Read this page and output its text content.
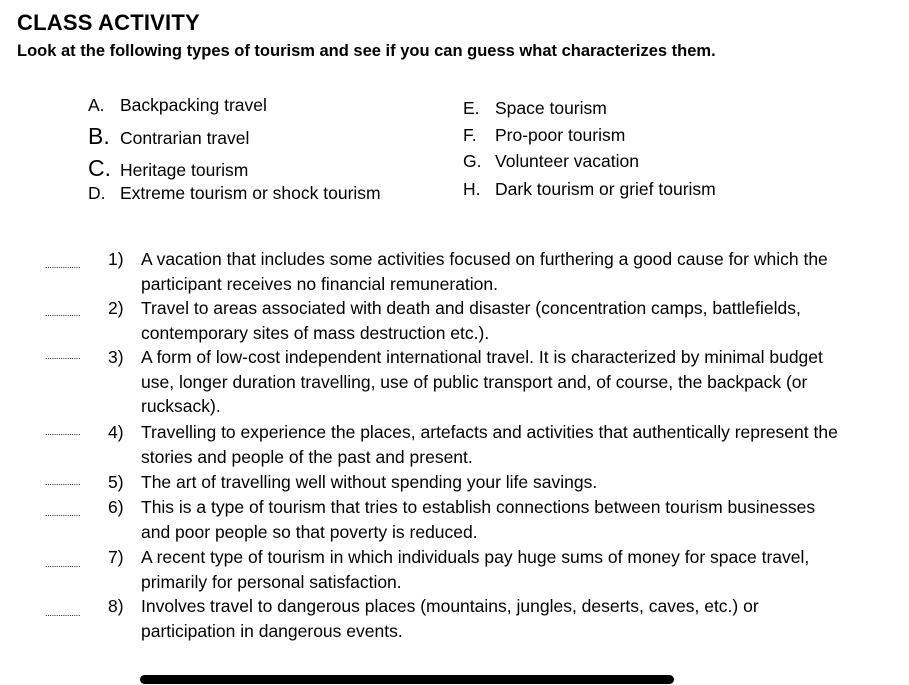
CLASS ACTIVITY
Look at the following types of tourism and see if you can guess what characterizes them.
A. Backpacking travel
B. Contrarian travel
C. Heritage tourism
D. Extreme tourism or shock tourism
E. Space tourism
F. Pro-poor tourism
G. Volunteer vacation
H. Dark tourism or grief tourism
................ 1) A vacation that includes some activities focused on furthering a good cause for which the participant receives no financial remuneration.
................ 2) Travel to areas associated with death and disaster (concentration camps, battlefields, contemporary sites of mass destruction etc.).
................ 3) A form of low-cost independent international travel. It is characterized by minimal budget use, longer duration travelling, use of public transport and, of course, the backpack (or rucksack).
................ 4) Travelling to experience the places, artefacts and activities that authentically represent the stories and people of the past and present.
................ 5) The art of travelling well without spending your life savings.
................ 6) This is a type of tourism that tries to establish connections between tourism businesses and poor people so that poverty is reduced.
................ 7) A recent type of tourism in which individuals pay huge sums of money for space travel, primarily for personal satisfaction.
................ 8) Involves travel to dangerous places (mountains, jungles, deserts, caves, etc.) or participation in dangerous events.
